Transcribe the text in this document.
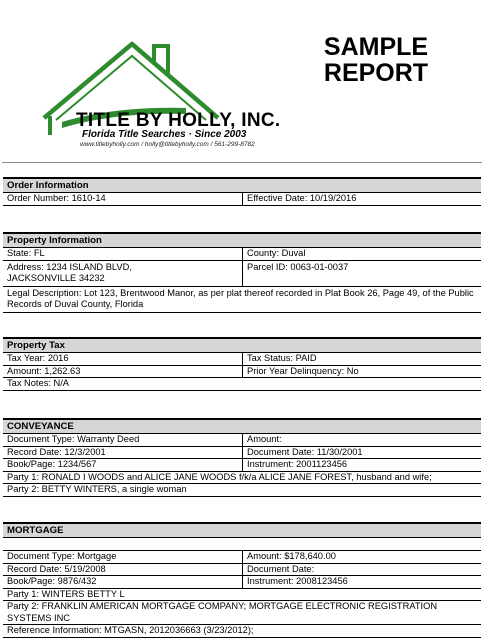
TITLE BY HOLLY, INC.
Florida Title Searches · Since 2003
www.titlebyholly.com / holly@titlebyholly.com / 561-299-8782
SAMPLE REPORT
Order Information
Order Number: 1610-14	Effective Date: 10/19/2016
Property Information
State: FL	County: Duval
Address: 1234 ISLAND BLVD, JACKSONVILLE 34232
Parcel ID: 0063-01-0037
Legal Description: Lot 123, Brentwood Manor, as per plat thereof recorded in Plat Book 26, Page 49, of the Public Records of Duval County, Florida
Property Tax
Tax Year: 2016	Tax Status: PAID
Amount: 1,262.63	Prior Year Delinquency: No
Tax Notes: N/A
CONVEYANCE
Document Type: Warranty Deed	Amount:
Record Date: 12/3/2001	Document Date: 11/30/2001
Book/Page: 1234/567	Instrument: 2001123456
Party 1: RONALD I WOODS and ALICE JANE WOODS f/k/a ALICE JANE FOREST, husband and wife;
Party 2: BETTY WINTERS, a single woman
MORTGAGE
Document Type: Mortgage	Amount: $178,640.00
Record Date: 5/19/2008	Document Date:
Book/Page: 9876/432	Instrument: 2008123456
Party 1: WINTERS BETTY L
Party 2: FRANKLIN AMERICAN MORTGAGE COMPANY; MORTGAGE ELECTRONIC REGISTRATION SYSTEMS INC
Reference Information: MTGASN, 2012036663 (3/23/2012);
